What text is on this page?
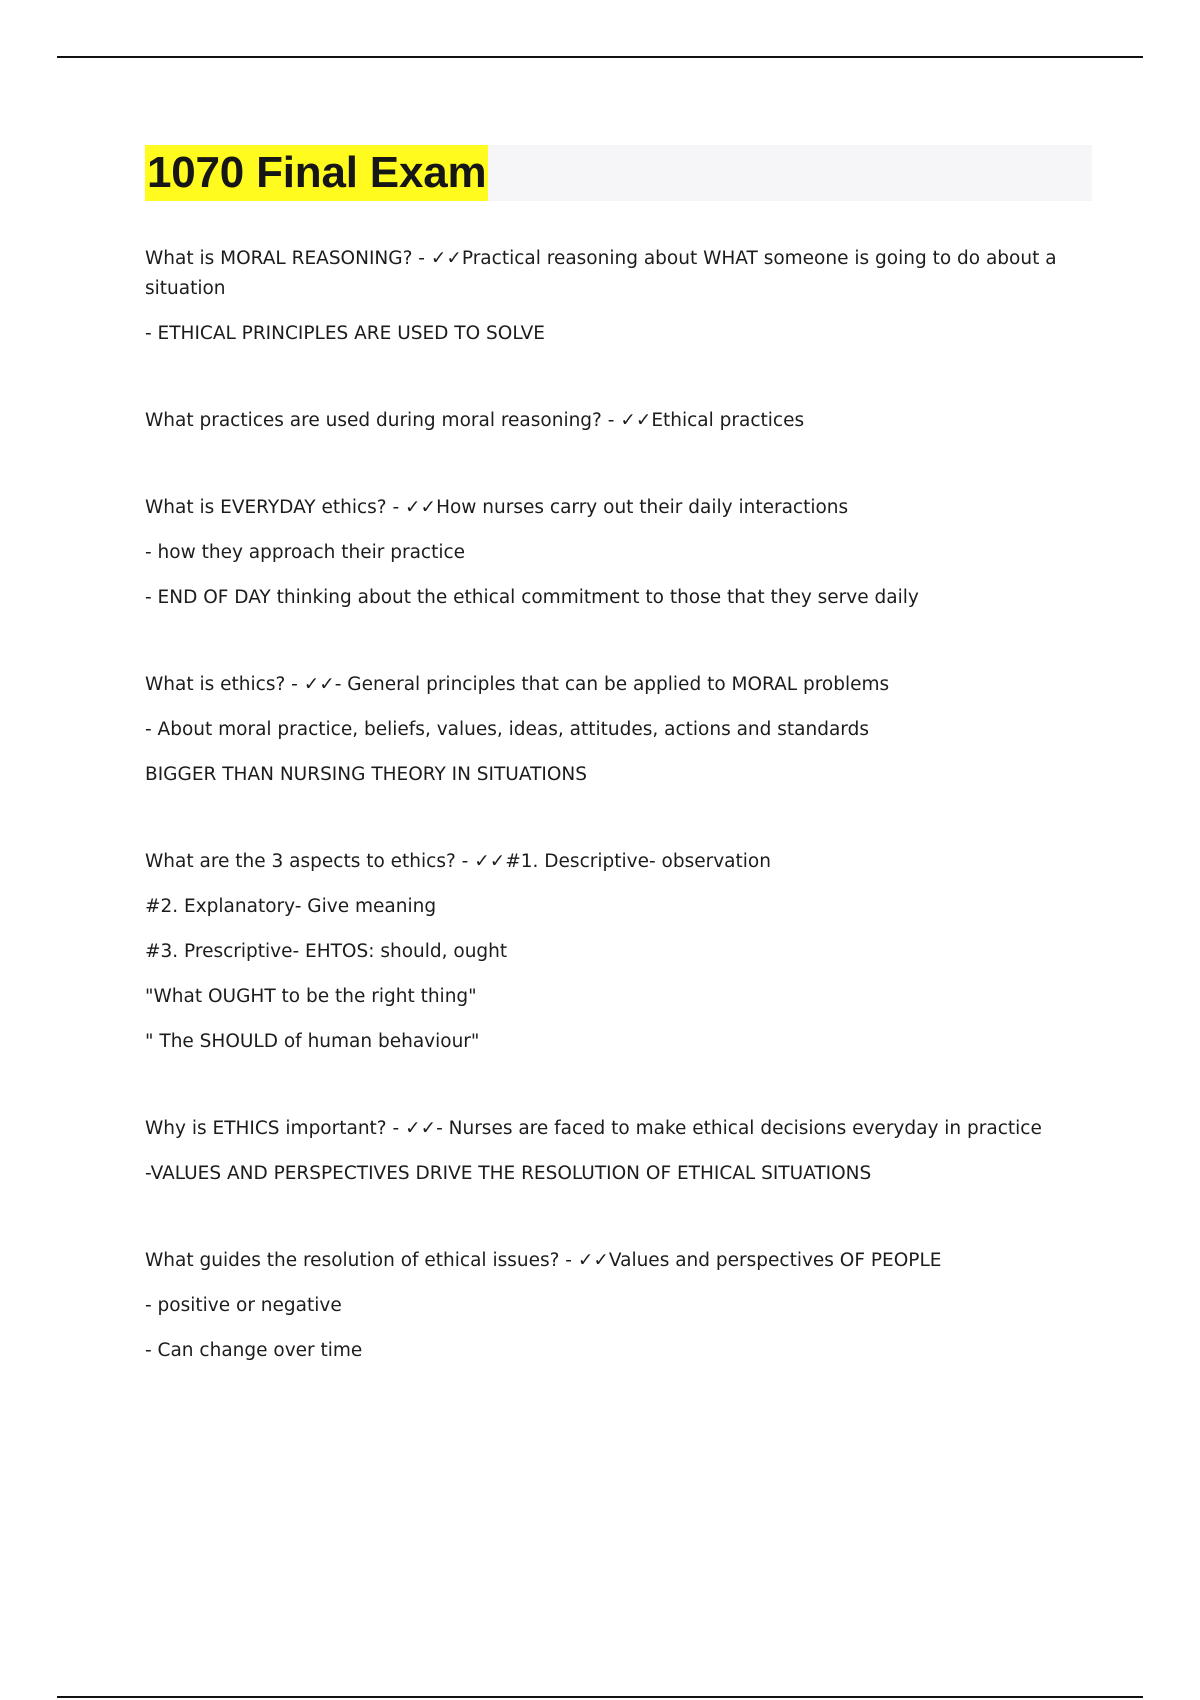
1070 Final Exam
What is MORAL REASONING? - ✓✓Practical reasoning about WHAT someone is going to do about a situation
- ETHICAL PRINCIPLES ARE USED TO SOLVE
What practices are used during moral reasoning? - ✓✓Ethical practices
What is EVERYDAY ethics? - ✓✓How nurses carry out their daily interactions
- how they approach their practice
- END OF DAY thinking about the ethical commitment to those that they serve daily
What is ethics? - ✓✓- General principles that can be applied to MORAL problems
- About moral practice, beliefs, values, ideas, attitudes, actions and standards
BIGGER THAN NURSING THEORY IN SITUATIONS
What are the 3 aspects to ethics? - ✓✓#1. Descriptive- observation
#2. Explanatory- Give meaning
#3. Prescriptive- EHTOS: should, ought
"What OUGHT to be the right thing"
" The SHOULD of human behaviour"
Why is ETHICS important? - ✓✓- Nurses are faced to make ethical decisions everyday in practice
-VALUES AND PERSPECTIVES DRIVE THE RESOLUTION OF ETHICAL SITUATIONS
What guides the resolution of ethical issues? - ✓✓Values and perspectives OF PEOPLE
- positive or negative
- Can change over time
